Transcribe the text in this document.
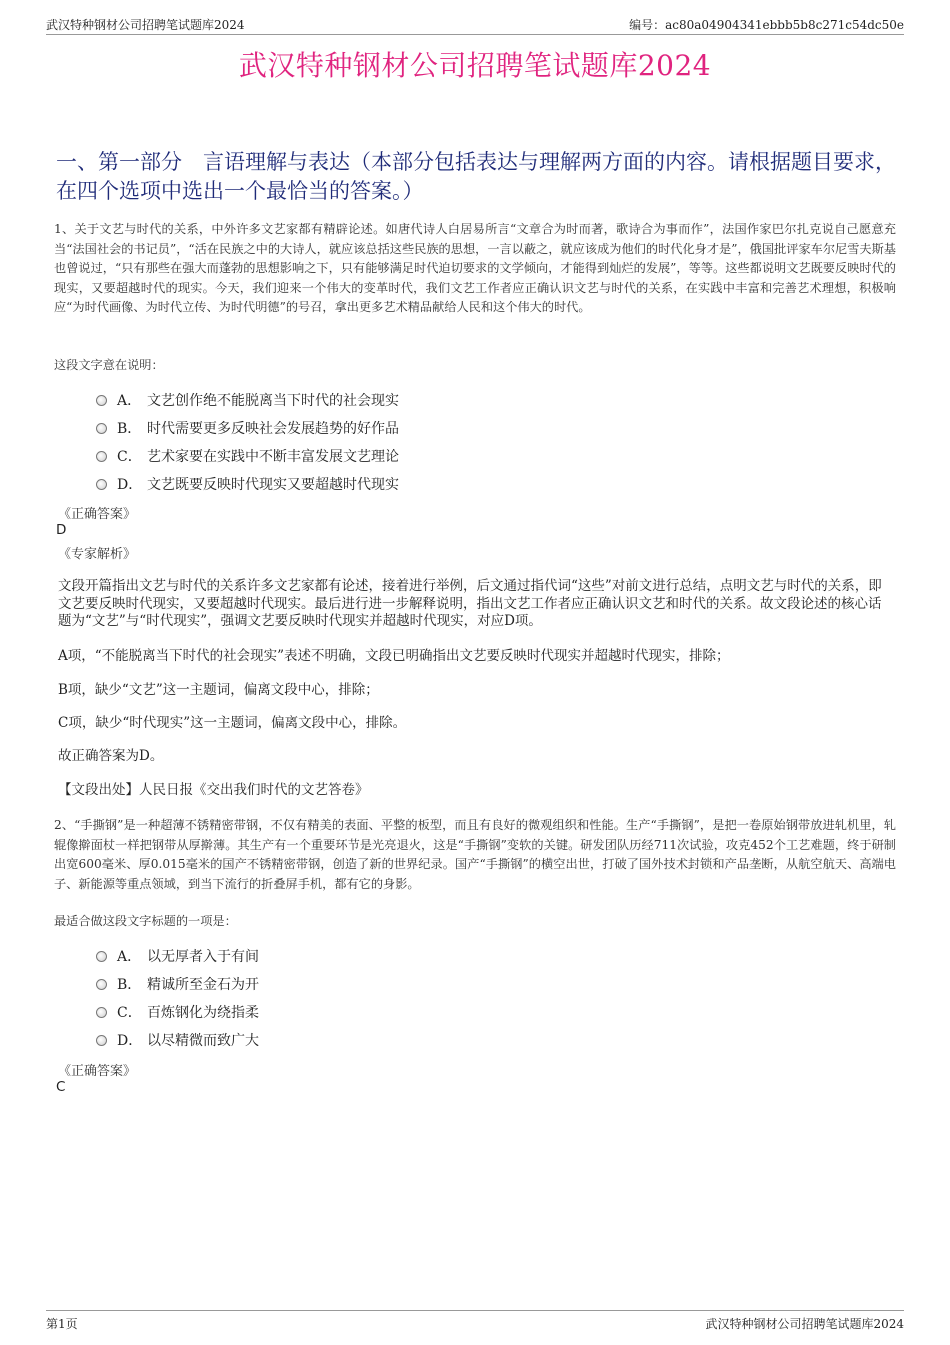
武汉特种钢材公司招聘笔试题库2024	编号：ac80a04904341ebbb5b8c271c54dc50e
武汉特种钢材公司招聘笔试题库2024
一、第一部分　言语理解与表达（本部分包括表达与理解两方面的内容。请根据题目要求，在四个选项中选出一个最恰当的答案。）
1、关于文艺与时代的关系，中外许多文艺家都有精辟论述。如唐代诗人白居易所言“文章合为时而著，歌诗合为事而作”，法国作家巴尔扎克说自己愿意充当“法国社会的书记员”，“活在民族之中的大诗人，就应该总括这些民族的思想，一言以蔽之，就应该成为他们的时代化身才是”，俄国批评家车尔尼雪夫斯基也曾说过，“只有那些在强大而蓬勃的思想影响之下，只有能够满足时代迫切要求的文学倾向，才能得到灿烂的发展”，等等。这些都说明文艺既要反映时代的现实，又要超越时代的现实。今天，我们迎来一个伟大的变革时代，我们文艺工作者应正确认识文艺与时代的关系，在实践中丰富和完善艺术理想，积极响应“为时代画像、为时代立传、为时代明德”的号召，拿出更多艺术精品献给人民和这个伟大的时代。
这段文字意在说明：
A． 文艺创作绝不能脱离当下时代的社会现实
B． 时代需要更多反映社会发展趋势的好作品
C． 艺术家要在实践中不断丰富发展文艺理论
D． 文艺既要反映时代现实又要超越时代现实
《正确答案》
D
《专家解析》
文段开篇指出文艺与时代的关系许多文艺家都有论述，接着进行举例，后文通过指代词“这些”对前文进行总结，点明文艺与时代的关系，即文艺要反映时代现实，又要超越时代现实。最后进行进一步解释说明，指出文艺工作者应正确认识文艺和时代的关系。故文段论述的核心话题为“文艺”与“时代现实”，强调文艺要反映时代现实并超越时代现实，对应D项。
A项，“不能脱离当下时代的社会现实”表述不明确，文段已明确指出文艺要反映时代现实并超越时代现实，排除；
B项，缺少“文艺”这一主题词，偏离文段中心，排除；
C项，缺少“时代现实”这一主题词，偏离文段中心，排除。
故正确答案为D。
【文段出处】人民日报《交出我们时代的文艺答卷》
2、“手撕钢”是一种超薄不锈精密带钢，不仅有精美的表面、平整的板型，而且有良好的微观组织和性能。生产“手撕钢”，是把一卷原始钢带放进轧机里，轧辊像擀面杖一样把钢带从厚擀薄。其生产有一个重要环节是光亮退火，这是“手撕钢”变软的关键。研发团队历经711次试验，攻克452个工艺难题，终于研制出宽600毫米、厚0.015毫米的国产不锈精密带钢，创造了新的世界纪录。国产“手撕钢”的横空出世，打破了国外技术封锁和产品垄断，从航空航天、高端电子、新能源等重点领域，到当下流行的折叠屏手机，都有它的身影。
最适合做这段文字标题的一项是：
A． 以无厚者入于有间
B． 精诚所至金石为开
C． 百炼钢化为绕指柔
D． 以尽精微而致广大
《正确答案》
C
第1页	武汉特种钢材公司招聘笔试题库2024
